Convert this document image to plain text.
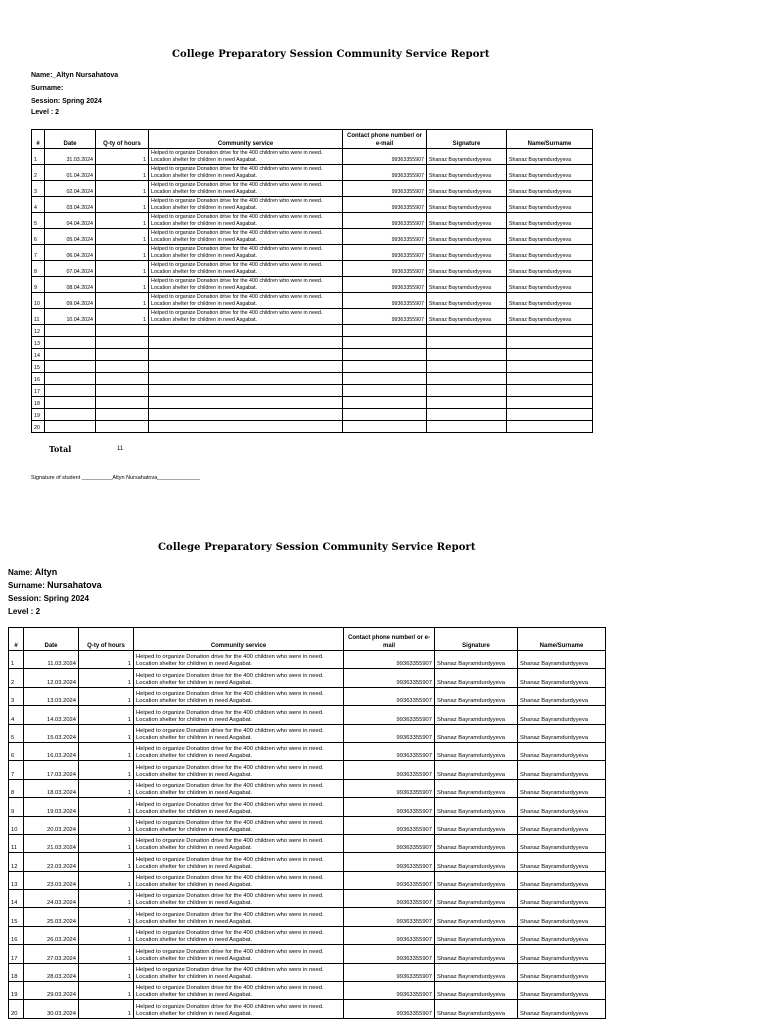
College Preparatory Session Community Service Report
Name:_Altyn Nursahatova
Surname:
Session: Spring 2024
Level : 2
#	Date	Q-ty of hours	Community service	Contact phone number/ or e-mail	Signature	Name/Surname
1	31.03.2024	1	Helped to organize Donation drive for the 400 children who were in need. Location shelter for children in need Asgabat.	99363355907	Shanaz Bayramdurdyyeva	Shanaz Bayramdurdyyeva
2	01.04.2024	1	Helped to organize Donation drive for the 400 children who were in need. Location shelter for children in need Asgabat.	99363355907	Shanaz Bayramdurdyyeva	Shanaz Bayramdurdyyeva
3	02.04.2024	1	Helped to organize Donation drive for the 400 children who were in need. Location shelter for children in need Asgabat.	99363355907	Shanaz Bayramdurdyyeva	Shanaz Bayramdurdyyeva
4	03.04.2024	1	Helped to organize Donation drive for the 400 children who were in need. Location shelter for children in need Asgabat.	99363355907	Shanaz Bayramdurdyyeva	Shanaz Bayramdurdyyeva
5	04.04.2024	1	Helped to organize Donation drive for the 400 children who were in need. Location shelter for children in need Asgabat.	99363355907	Shanaz Bayramdurdyyeva	Shanaz Bayramdurdyyeva
6	05.04.2024	1	Helped to organize Donation drive for the 400 children who were in need. Location shelter for children in need Asgabat.	99363355907	Shanaz Bayramdurdyyeva	Shanaz Bayramdurdyyeva
7	06.04.2024	1	Helped to organize Donation drive for the 400 children who were in need. Location shelter for children in need Asgabat.	99363355907	Shanaz Bayramdurdyyeva	Shanaz Bayramdurdyyeva
8	07.04.2024	1	Helped to organize Donation drive for the 400 children who were in need. Location shelter for children in need Asgabat.	99363355907	Shanaz Bayramdurdyyeva	Shanaz Bayramdurdyyeva
9	08.04.2024	1	Helped to organize Donation drive for the 400 children who were in need. Location shelter for children in need Asgabat.	99363355907	Shanaz Bayramdurdyyeva	Shanaz Bayramdurdyyeva
10	09.04.2024	1	Helped to organize Donation drive for the 400 children who were in need. Location shelter for children in need Asgabat.	99363355907	Shanaz Bayramdurdyyeva	Shanaz Bayramdurdyyeva
11	10.04.2024	1	Helped to organize Donation drive for the 400 children who were in need. Location shelter for children in need Asgabat.	99363355907	Shanaz Bayramdurdyyeva	Shanaz Bayramdurdyyeva
12						
13						
14						
15						
16						
17						
18						
19						
20						
Total	11
Signature of student __________Altyn Nursahatova______________
College Preparatory Session Community Service Report
Name: Altyn
Surname: Nursahatova
Session: Spring 2024
Level : 2
#	Date	Q-ty of hours	Community service	Contact phone number/ or e-mail	Signature	Name/Surname
1	11.03.2024	1	Helped to organize Donation drive for the 400 children who were in need. Location shelter for children in need Asgabat.	99363355907	Shanaz Bayramdurdyyeva	Shanaz Bayramdurdyyeva
2	12.03.2024	1	Helped to organize Donation drive for the 400 children who were in need. Location shelter for children in need Asgabat.	99363355907	Shanaz Bayramdurdyyeva	Shanaz Bayramdurdyyeva
3	13.03.2024	1	Helped to organize Donation drive for the 400 children who were in need. Location shelter for children in need Asgabat.	99363355907	Shanaz Bayramdurdyyeva	Shanaz Bayramdurdyyeva
4	14.03.2024	1	Helped to organize Donation drive for the 400 children who were in need. Location shelter for children in need Asgabat.	99363355907	Shanaz Bayramdurdyyeva	Shanaz Bayramdurdyyeva
5	15.03.2024	1	Helped to organize Donation drive for the 400 children who were in need. Location shelter for children in need Asgabat.	99363355907	Shanaz Bayramdurdyyeva	Shanaz Bayramdurdyyeva
6	16.03.2024	1	Helped to organize Donation drive for the 400 children who were in need. Location shelter for children in need Asgabat.	99363355907	Shanaz Bayramdurdyyeva	Shanaz Bayramdurdyyeva
7	17.03.2024	1	Helped to organize Donation drive for the 400 children who were in need. Location shelter for children in need Asgabat.	99363355907	Shanaz Bayramdurdyyeva	Shanaz Bayramdurdyyeva
8	18.03.2024	1	Helped to organize Donation drive for the 400 children who were in need. Location shelter for children in need Asgabat.	99363355907	Shanaz Bayramdurdyyeva	Shanaz Bayramdurdyyeva
9	19.03.2024	1	Helped to organize Donation drive for the 400 children who were in need. Location shelter for children in need Asgabat.	99363355907	Shanaz Bayramdurdyyeva	Shanaz Bayramdurdyyeva
10	20.03.2024	1	Helped to organize Donation drive for the 400 children who were in need. Location shelter for children in need Asgabat.	99363355907	Shanaz Bayramdurdyyeva	Shanaz Bayramdurdyyeva
11	21.03.2024	1	Helped to organize Donation drive for the 400 children who were in need. Location shelter for children in need Asgabat.	99363355907	Shanaz Bayramdurdyyeva	Shanaz Bayramdurdyyeva
12	22.03.2024	1	Helped to organize Donation drive for the 400 children who were in need. Location shelter for children in need Asgabat.	99363355907	Shanaz Bayramdurdyyeva	Shanaz Bayramdurdyyeva
13	23.03.2024	1	Helped to organize Donation drive for the 400 children who were in need. Location shelter for children in need Asgabat.	99363355907	Shanaz Bayramdurdyyeva	Shanaz Bayramdurdyyeva
14	24.03.2024	1	Helped to organize Donation drive for the 400 children who were in need. Location shelter for children in need Asgabat.	99363355907	Shanaz Bayramdurdyyeva	Shanaz Bayramdurdyyeva
15	25.03.2024	1	Helped to organize Donation drive for the 400 children who were in need. Location shelter for children in need Asgabat.	99363355907	Shanaz Bayramdurdyyeva	Shanaz Bayramdurdyyeva
16	26.03.2024	1	Helped to organize Donation drive for the 400 children who were in need. Location shelter for children in need Asgabat.	99363355907	Shanaz Bayramdurdyyeva	Shanaz Bayramdurdyyeva
17	27.03.2024	1	Helped to organize Donation drive for the 400 children who were in need. Location shelter for children in need Asgabat.	99363355907	Shanaz Bayramdurdyyeva	Shanaz Bayramdurdyyeva
18	28.03.2024	1	Helped to organize Donation drive for the 400 children who were in need. Location shelter for children in need Asgabat.	99363355907	Shanaz Bayramdurdyyeva	Shanaz Bayramdurdyyeva
19	29.03.2024	1	Helped to organize Donation drive for the 400 children who were in need. Location shelter for children in need Asgabat.	99363355907	Shanaz Bayramdurdyyeva	Shanaz Bayramdurdyyeva
20	30.03.2024	1	Helped to organize Donation drive for the 400 children who were in need. Location shelter for children in need Asgabat.	99363355907	Shanaz Bayramdurdyyeva	Shanaz Bayramdurdyyeva
